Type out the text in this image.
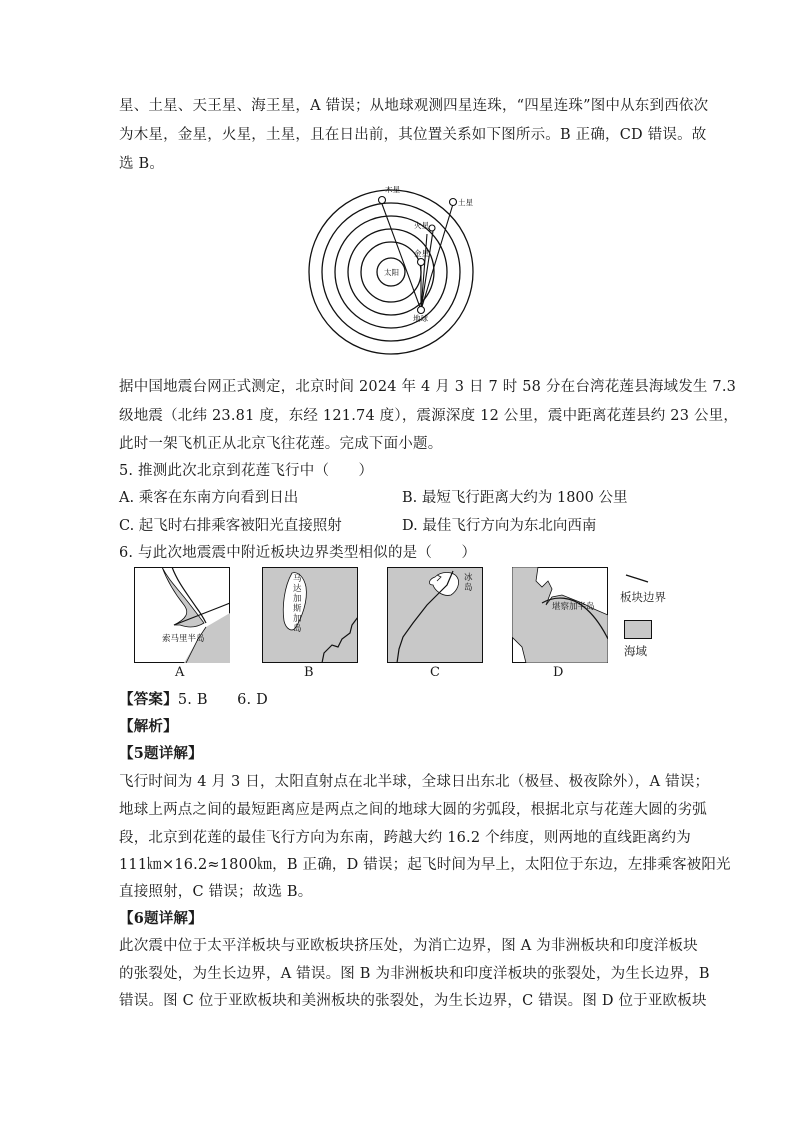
星、土星、天王星、海王星，A 错误；从地球观测四星连珠，“四星连珠”图中从东到西依次
为木星，金星，火星，土星，且在日出前，其位置关系如下图所示。B 正确，CD 错误。故
选 B。
太阳
木星
土星
火星
金星
地球
据中国地震台网正式测定，北京时间 2024 年 4 月 3 日 7 时 58 分在台湾花莲县海域发生 7.3
级地震（北纬 23.81 度，东经 121.74 度），震源深度 12 公里，震中距离花莲县约 23 公里，
此时一架飞机正从北京飞往花莲。完成下面小题。
5. 推测此次北京到花莲飞行中（　　）
A. 乘客在东南方向看到日出	B. 最短飞行距离大约为 1800 公里
C. 起飞时右排乘客被阳光直接照射	D. 最佳飞行方向为东北向西南
6. 与此次地震震中附近板块边界类型相似的是（　　）
索马里半岛
A
马
达
加
斯
加
岛
B
冰
岛
C
堪察加半岛
D
板块边界
海域
【答案】5. B　　6. D
【解析】
【5题详解】
飞行时间为 4 月 3 日，太阳直射点在北半球，全球日出东北（极昼、极夜除外），A 错误；
地球上两点之间的最短距离应是两点之间的地球大圆的劣弧段，根据北京与花莲大圆的劣弧
段，北京到花莲的最佳飞行方向为东南，跨越大约 16.2 个纬度，则两地的直线距离约为
111㎞×16.2≈1800㎞，B 正确，D 错误；起飞时间为早上，太阳位于东边，左排乘客被阳光
直接照射，C 错误；故选 B。
【6题详解】
此次震中位于太平洋板块与亚欧板块挤压处，为消亡边界，图 A 为非洲板块和印度洋板块
的张裂处，为生长边界，A 错误。图 B 为非洲板块和印度洋板块的张裂处，为生长边界，B
错误。图 C 位于亚欧板块和美洲板块的张裂处，为生长边界，C 错误。图 D 位于亚欧板块
